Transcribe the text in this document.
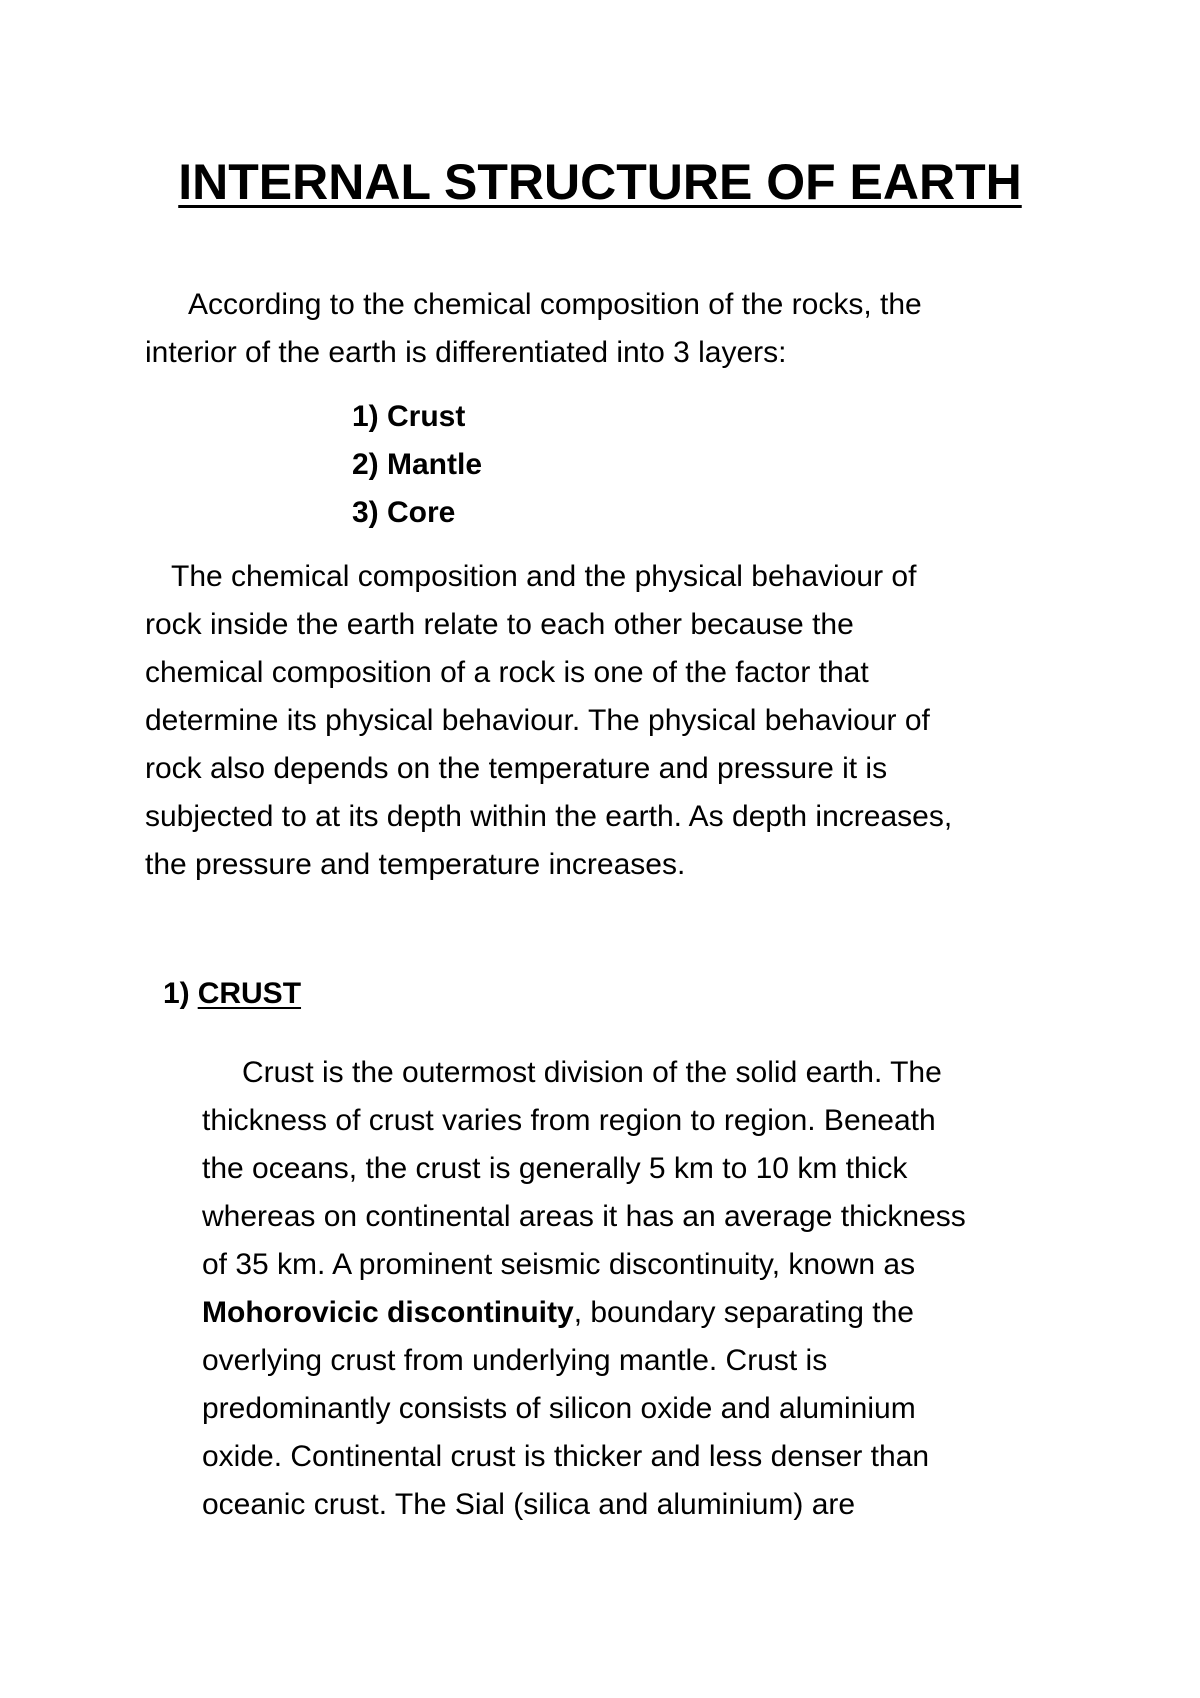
INTERNAL STRUCTURE OF EARTH

According to the chemical composition of the rocks, the
interior of the earth is differentiated into 3 layers:

1) Crust
2) Mantle
3) Core

The chemical composition and the physical behaviour of
rock inside the earth relate to each other because the
chemical composition of a rock is one of the factor that
determine its physical behaviour. The physical behaviour of
rock also depends on the temperature and pressure it is
subjected to at its depth within the earth. As depth increases,
the pressure and temperature increases.

1) CRUST

Crust is the outermost division of the solid earth. The
thickness of crust varies from region to region. Beneath
the oceans, the crust is generally 5 km to 10 km thick
whereas on continental areas it has an average thickness
of 35 km. A prominent seismic discontinuity, known as
Mohorovicic discontinuity, boundary separating the
overlying crust from underlying mantle. Crust is
predominantly consists of silicon oxide and aluminium
oxide. Continental crust is thicker and less denser than
oceanic crust. The Sial (silica and aluminium) are
